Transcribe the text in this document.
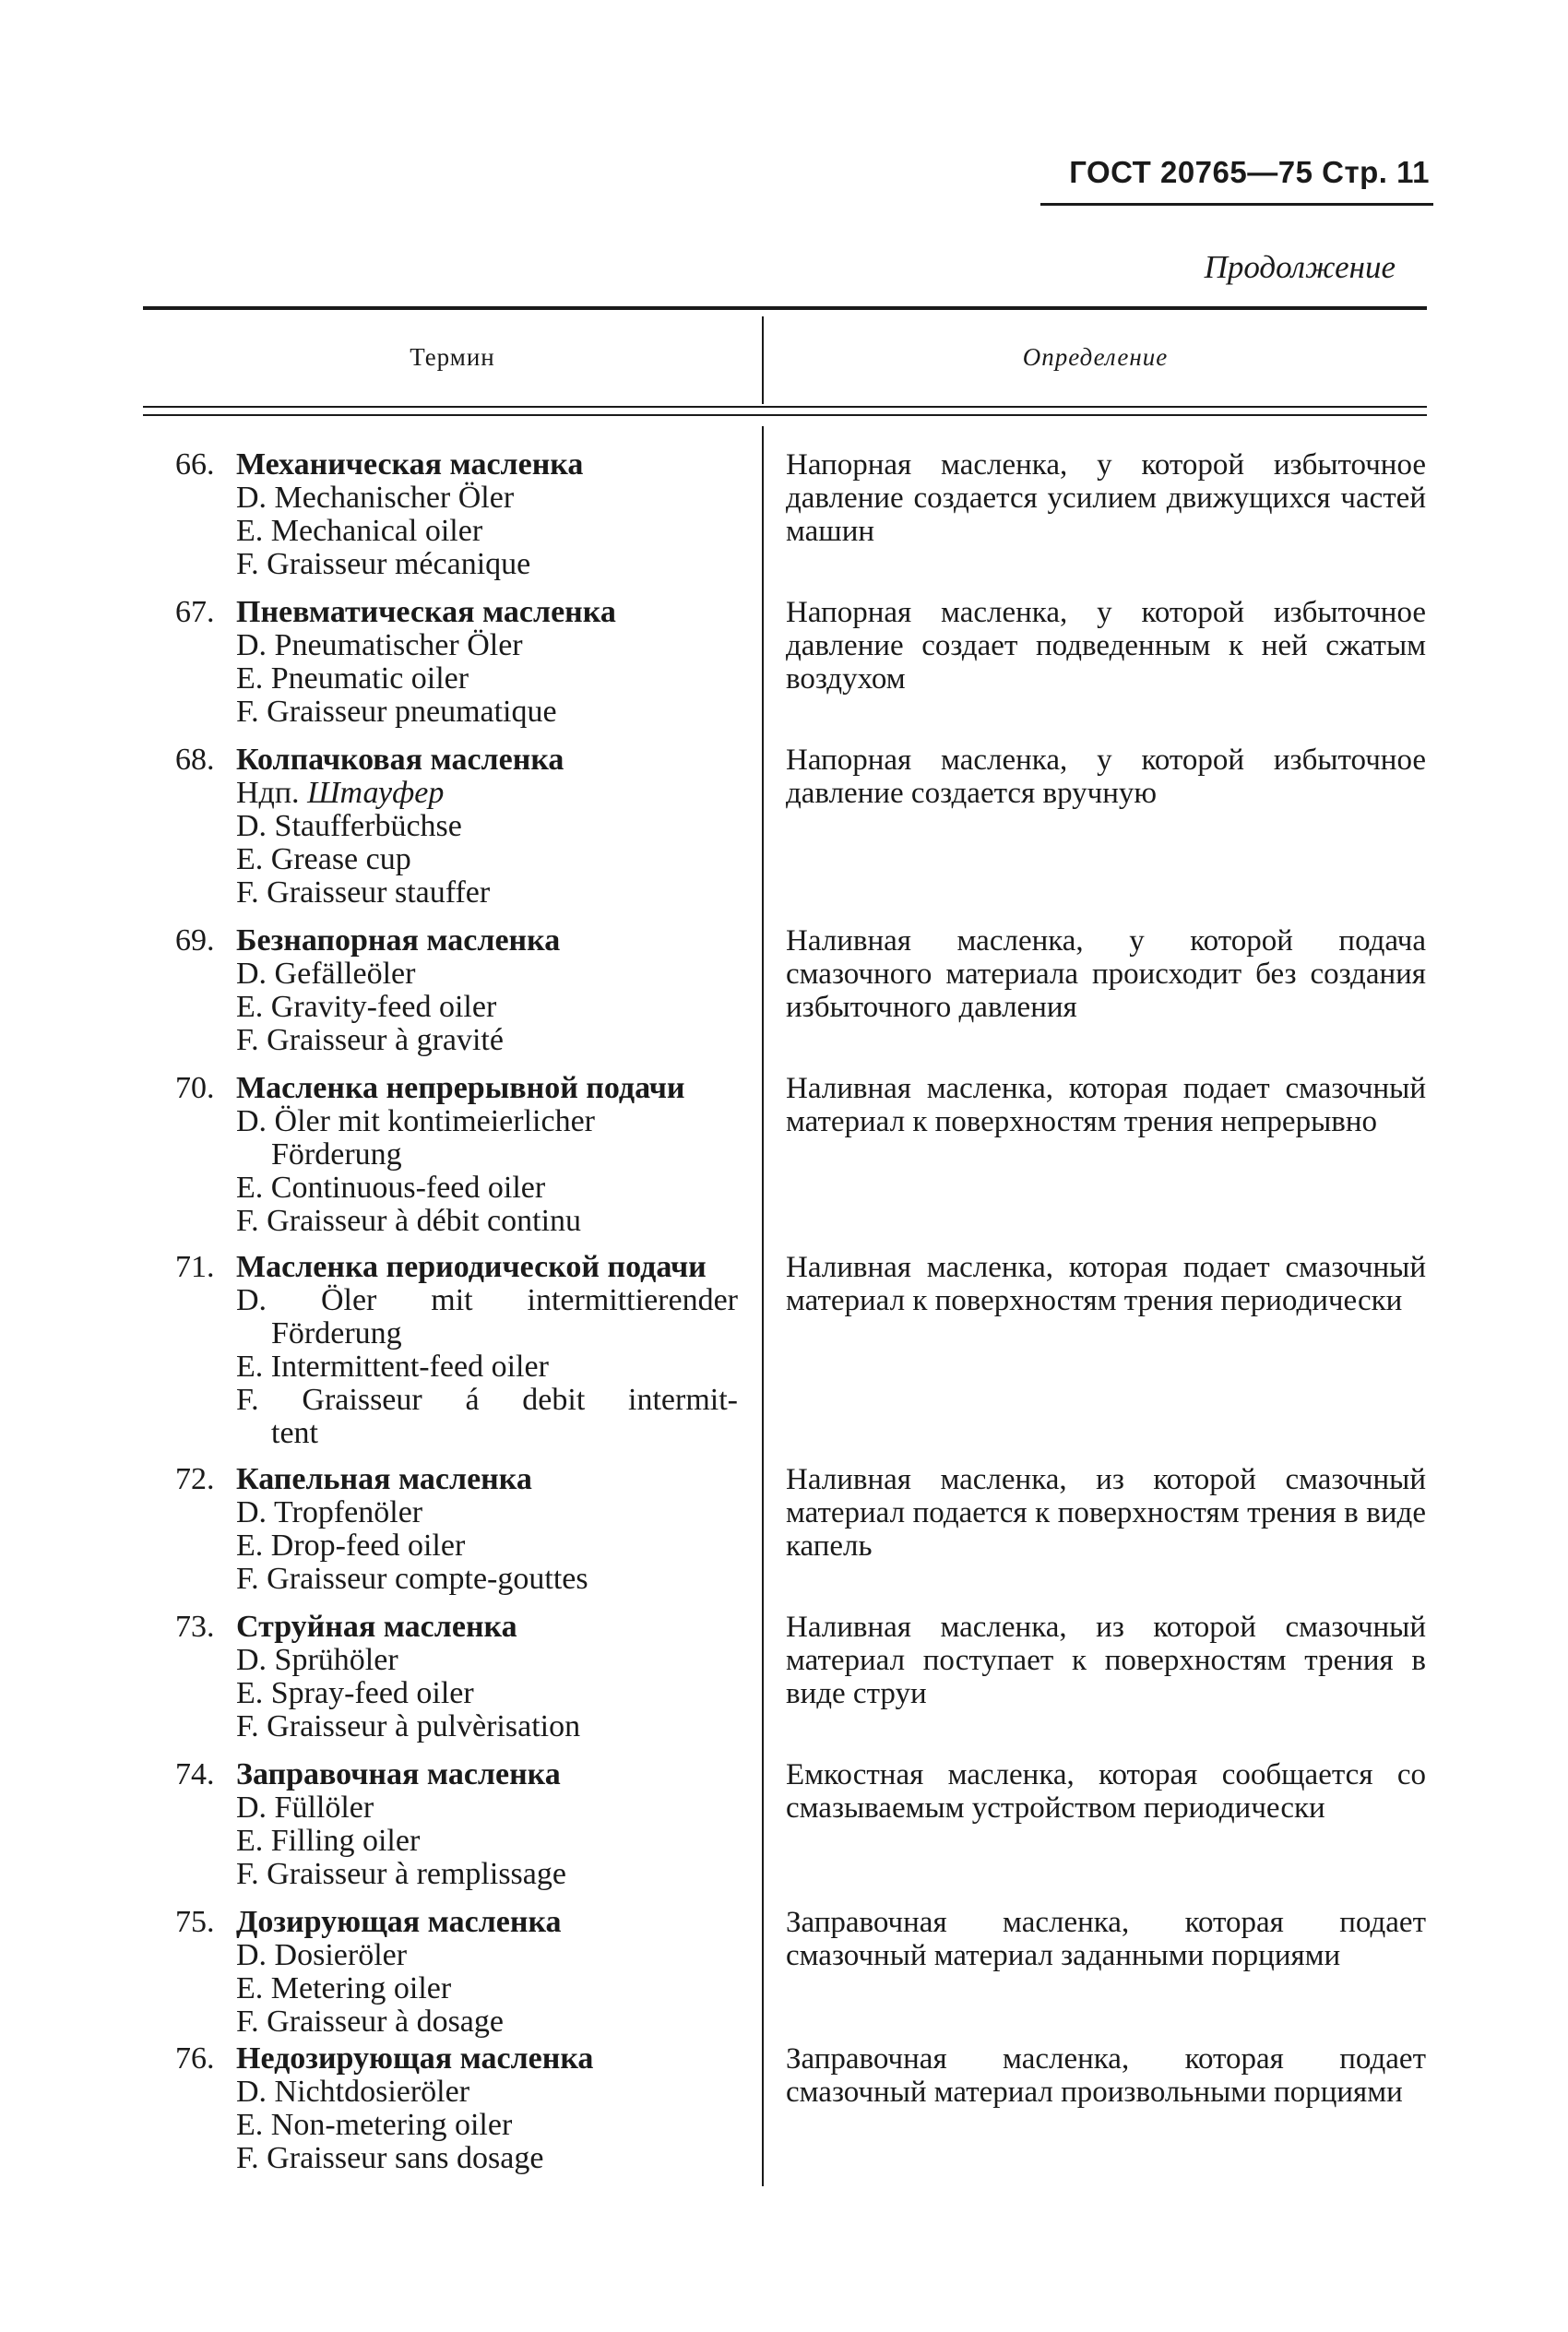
ГОСТ 20765—75 Стр. 11
Продолжение
Термин	Определение
66. Механическая масленка
D. Mechanischer Öler
E. Mechanical oiler
F. Graisseur mécanique
Напорная масленка, у которой избыточное давление создается усилием движущихся частей машин
67. Пневматическая масленка
D. Pneumatischer Öler
E. Pneumatic oiler
F. Graisseur pneumatique
Напорная масленка, у которой избыточное давление создает подведенным к ней сжатым воздухом
68. Колпачковая масленка
Ндп. Штауфер
D. Staufferbüchse
E. Grease cup
F. Graisseur stauffer
Напорная масленка, у которой избыточное давление создается вручную
69. Безнапорная масленка
D. Gefälleöler
E. Gravity-feed oiler
F. Graisseur à gravité
Наливная масленка, у которой подача смазочного материала происходит без создания избыточного давления
70. Масленка непрерывной подачи
D. Öler mit kontimeierlicher
Förderung
E. Continuous-feed oiler
F. Graisseur à débit continu
Наливная масленка, которая подает смазочный материал к поверхностям трения непрерывно
71. Масленка периодической подачи
D. Öler mit intermittierender
Förderung
E. Intermittent-feed oiler
F. Graisseur á debit intermit-
tent
Наливная масленка, которая подает смазочный материал к поверхностям трения периодически
72. Капельная масленка
D. Tropfenöler
E. Drop-feed oiler
F. Graisseur compte-gouttes
Наливная масленка, из которой смазочный материал подается к поверхностям трения в виде капель
73. Струйная масленка
D. Sprühöler
E. Spray-feed oiler
F. Graisseur à pulvèrisation
Наливная масленка, из которой смазочный материал поступает к поверхностям трения в виде струи
74. Заправочная масленка
D. Füllöler
E. Filling oiler
F. Graisseur à remplissage
Емкостная масленка, которая сообщается со смазываемым устройством периодически
75. Дозирующая масленка
D. Dosieröler
E. Metering oiler
F. Graisseur à dosage
Заправочная масленка, которая подает смазочный материал заданными порциями
76. Недозирующая масленка
D. Nichtdosieröler
E. Non-metering oiler
F. Graisseur sans dosage
Заправочная масленка, которая подает смазочный материал произвольными порциями
